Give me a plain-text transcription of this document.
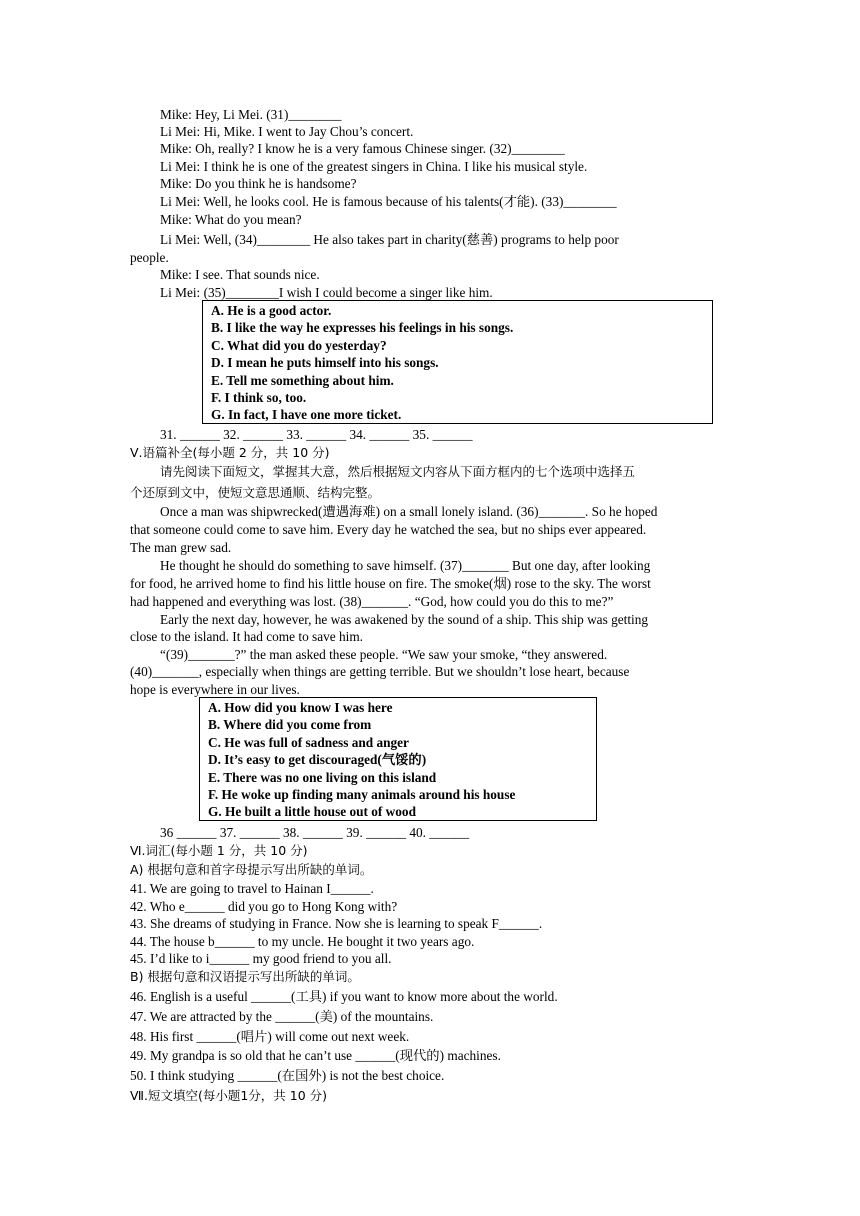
Mike: Hey, Li Mei. (31)________
Li Mei: Hi, Mike. I went to Jay Chou’s concert.
Mike: Oh, really? I know he is a very famous Chinese singer. (32)________
Li Mei: I think he is one of the greatest singers in China. I like his musical style.
Mike: Do you think he is handsome?
Li Mei: Well, he looks cool. He is famous because of his talents(才能). (33)________
Mike: What do you mean?
Li Mei: Well, (34)________ He also takes part in charity(慈善) programs to help poor
people.
Mike: I see. That sounds nice.
Li Mei: (35)________I wish I could become a singer like him.
A. He is a good actor.
B. I like the way he expresses his feelings in his songs.
C. What did you do yesterday?
D. I mean he puts himself into his songs.
E. Tell me something about him.
F. I think so, too.
G. In fact, I have one more ticket.
31. ______ 32. ______ 33. ______ 34. ______ 35. ______
Ⅴ.语篇补全(每小题 2 分，共 10 分)
请先阅读下面短文，掌握其大意，然后根据短文内容从下面方框内的七个选项中选择五
个还原到文中，使短文意思通顺、结构完整。
Once a man was shipwrecked(遭遇海难) on a small lonely island. (36)_______. So he hoped
that someone could come to save him. Every day he watched the sea, but no ships ever appeared.
The man grew sad.
He thought he should do something to save himself. (37)_______ But one day, after looking
for food, he arrived home to find his little house on fire. The smoke(烟) rose to the sky. The worst
had happened and everything was lost. (38)_______. “God, how could you do this to me?”
Early the next day, however, he was awakened by the sound of a ship. This ship was getting
close to the island. It had come to save him.
“(39)_______?” the man asked these people. “We saw your smoke, “they answered.
(40)_______, especially when things are getting terrible. But we shouldn’t lose heart, because
hope is everywhere in our lives.
A. How did you know I was here
B. Where did you come from
C. He was full of sadness and anger
D. It’s easy to get discouraged(气馁的)
E. There was no one living on this island
F. He woke up finding many animals around his house
G. He built a little house out of wood
36 ______ 37. ______ 38. ______ 39. ______ 40. ______
Ⅵ.词汇(每小题 1 分，共 10 分)
A) 根据句意和首字母提示写出所缺的单词。
41. We are going to travel to Hainan I______.
42. Who e______ did you go to Hong Kong with?
43. She dreams of studying in France. Now she is learning to speak F______.
44. The house b______ to my uncle. He bought it two years ago.
45. I’d like to i______ my good friend to you all.
B) 根据句意和汉语提示写出所缺的单词。
46. English is a useful ______(工具) if you want to know more about the world.
47. We are attracted by the ______(美) of the mountains.
48. His first ______(唱片) will come out next week.
49. My grandpa is so old that he can’t use ______(现代的) machines.
50. I think studying ______(在国外) is not the best choice.
Ⅶ.短文填空(每小题1分，共 10 分)
